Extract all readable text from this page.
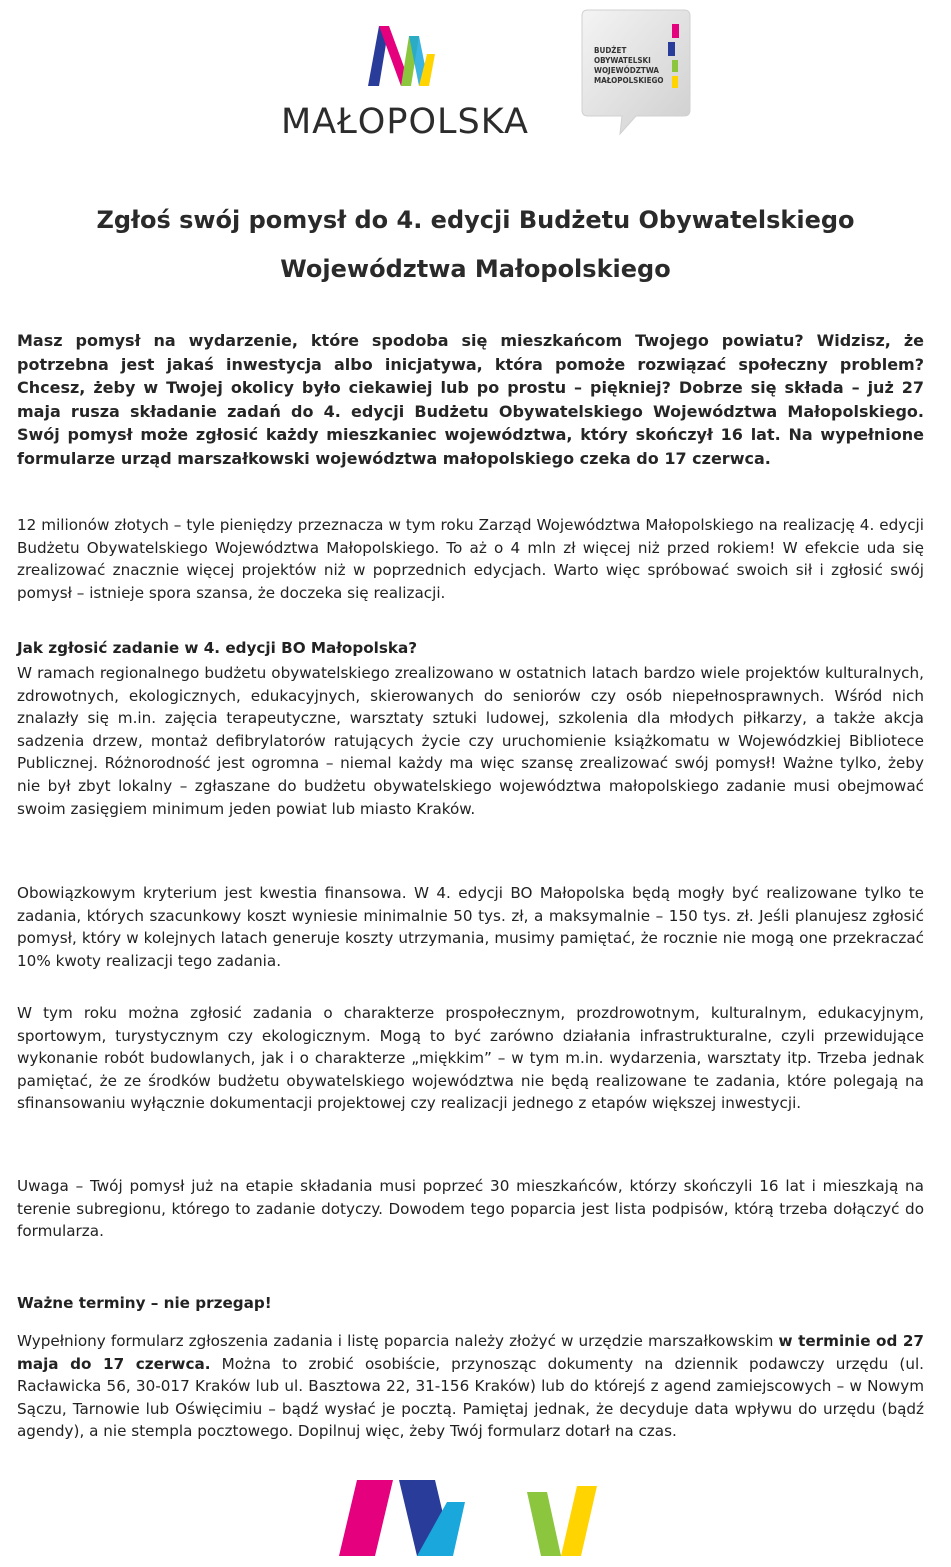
MAŁOPOLSKA
BUDŻET
OBYWATELSKI
WOJEWÓDZTWA
MAŁOPOLSKIEGO
Zgłoś swój pomysł do 4. edycji Budżetu Obywatelskiego
Województwa Małopolskiego

Masz pomysł na wydarzenie, które spodoba się mieszkańcom Twojego powiatu? Widzisz, że potrzebna jest jakaś inwestycja albo inicjatywa, która pomoże rozwiązać społeczny problem? Chcesz, żeby w Twojej okolicy było ciekawiej lub po prostu – piękniej? Dobrze się składa – już 27 maja rusza składanie zadań do 4. edycji Budżetu Obywatelskiego Województwa Małopolskiego. Swój pomysł może zgłosić każdy mieszkaniec województwa, który skończył 16 lat. Na wypełnione formularze urząd marszałkowski województwa małopolskiego czeka do 17 czerwca.

12 milionów złotych – tyle pieniędzy przeznacza w tym roku Zarząd Województwa Małopolskiego na realizację 4. edycji Budżetu Obywatelskiego Województwa Małopolskiego. To aż o 4 mln zł więcej niż przed rokiem! W efekcie uda się zrealizować znacznie więcej projektów niż w poprzednich edycjach. Warto więc spróbować swoich sił i zgłosić swój pomysł – istnieje spora szansa, że doczeka się realizacji.

Jak zgłosić zadanie w 4. edycji BO Małopolska?

W ramach regionalnego budżetu obywatelskiego zrealizowano w ostatnich latach bardzo wiele projektów kulturalnych, zdrowotnych, ekologicznych, edukacyjnych, skierowanych do seniorów czy osób niepełnosprawnych. Wśród nich znalazły się m.in. zajęcia terapeutyczne, warsztaty sztuki ludowej, szkolenia dla młodych piłkarzy, a także akcja sadzenia drzew, montaż defibrylatorów ratujących życie czy uruchomienie książkomatu w Wojewódzkiej Bibliotece Publicznej. Różnorodność jest ogromna – niemal każdy ma więc szansę zrealizować swój pomysł! Ważne tylko, żeby nie był zbyt lokalny – zgłaszane do budżetu obywatelskiego województwa małopolskiego zadanie musi obejmować swoim zasięgiem minimum jeden powiat lub miasto Kraków.

Obowiązkowym kryterium jest kwestia finansowa. W 4. edycji BO Małopolska będą mogły być realizowane tylko te zadania, których szacunkowy koszt wyniesie minimalnie 50 tys. zł, a maksymalnie – 150 tys. zł. Jeśli planujesz zgłosić pomysł, który w kolejnych latach generuje koszty utrzymania, musimy pamiętać, że rocznie nie mogą one przekraczać 10% kwoty realizacji tego zadania.

W tym roku można zgłosić zadania o charakterze prospołecznym, prozdrowotnym, kulturalnym, edukacyjnym, sportowym, turystycznym czy ekologicznym. Mogą to być zarówno działania infrastrukturalne, czyli przewidujące wykonanie robót budowlanych, jak i o charakterze „miękkim” – w tym m.in. wydarzenia, warsztaty itp. Trzeba jednak pamiętać, że ze środków budżetu obywatelskiego województwa nie będą realizowane te zadania, które polegają na sfinansowaniu wyłącznie dokumentacji projektowej czy realizacji jednego z etapów większej inwestycji.

Uwaga – Twój pomysł już na etapie składania musi poprzeć 30 mieszkańców, którzy skończyli 16 lat i mieszkają na terenie subregionu, którego to zadanie dotyczy. Dowodem tego poparcia jest lista podpisów, którą trzeba dołączyć do formularza.

Ważne terminy – nie przegap!

Wypełniony formularz zgłoszenia zadania i listę poparcia należy złożyć w urzędzie marszałkowskim w terminie od 27 maja do 17 czerwca. Można to zrobić osobiście, przynosząc dokumenty na dziennik podawczy urzędu (ul. Racławicka 56, 30-017 Kraków lub ul. Basztowa 22, 31-156 Kraków) lub do którejś z agend zamiejscowych – w Nowym Sączu, Tarnowie lub Oświęcimiu – bądź wysłać je pocztą. Pamiętaj jednak, że decyduje data wpływu do urzędu (bądź agendy), a nie stempla pocztowego. Dopilnuj więc, żeby Twój formularz dotarł na czas.
